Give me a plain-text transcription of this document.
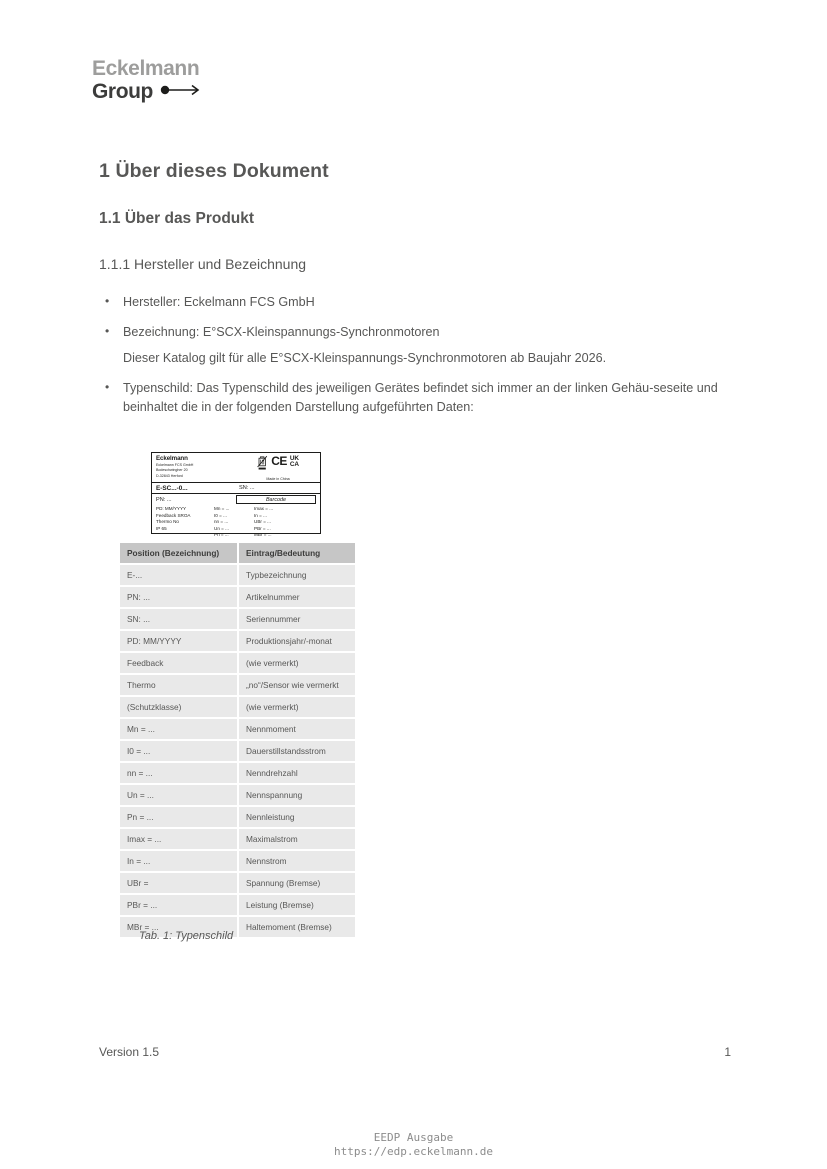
Eckelmann
Group
1 Über dieses Dokument
1.1 Über das Produkt
1.1.1 Hersteller und Bezeichnung
• Hersteller: Eckelmann FCS GmbH
• Bezeichnung: E°SCX-Kleinspannungs-Synchronmotoren
Dieser Katalog gilt für alle E°SCX-Kleinspannungs-Synchronmotoren ab Baujahr 2026.
• Typenschild: Das Typenschild des jeweiligen Gerätes befindet sich immer an der linken Gehäu-seseite und beinhaltet die in der folgenden Darstellung aufgeführten Daten:
Eckelmann
Eckelmann FCS GmbH
Bodeschwingher 20
D-32843 Herford
CE UK
CA
Made in China
E-SC...-0...	SN: ...
PN: ...	Barcode
PD: MM/YYYY
Feedback SROA
Thermo No
IP 65
Mn = ...
I0 = ...
nn = ...
Un = ...
Pn = ...
Imax = ...
In = ...
UBr = ...
PBr = ...
MBr = ...
Position (Bezeichnung)	Eintrag/Bedeutung
E-...	Typbezeichnung
PN: ...	Artikelnummer
SN: ...	Seriennummer
PD: MM/YYYY	Produktionsjahr/-monat
Feedback	(wie vermerkt)
Thermo	„no“/Sensor wie vermerkt
(Schutzklasse)	(wie vermerkt)
Mn = ...	Nennmoment
I0 = ...	Dauerstillstandsstrom
nn = ...	Nenndrehzahl
Un = ...	Nennspannung
Pn = ...	Nennleistung
Imax = ...	Maximalstrom
In = ...	Nennstrom
UBr =	Spannung (Bremse)
PBr = ...	Leistung (Bremse)
MBr = ...	Haltemoment (Bremse)
Tab. 1: Typenschild
Version 1.5	1
EEDP Ausgabe
https://edp.eckelmann.de
